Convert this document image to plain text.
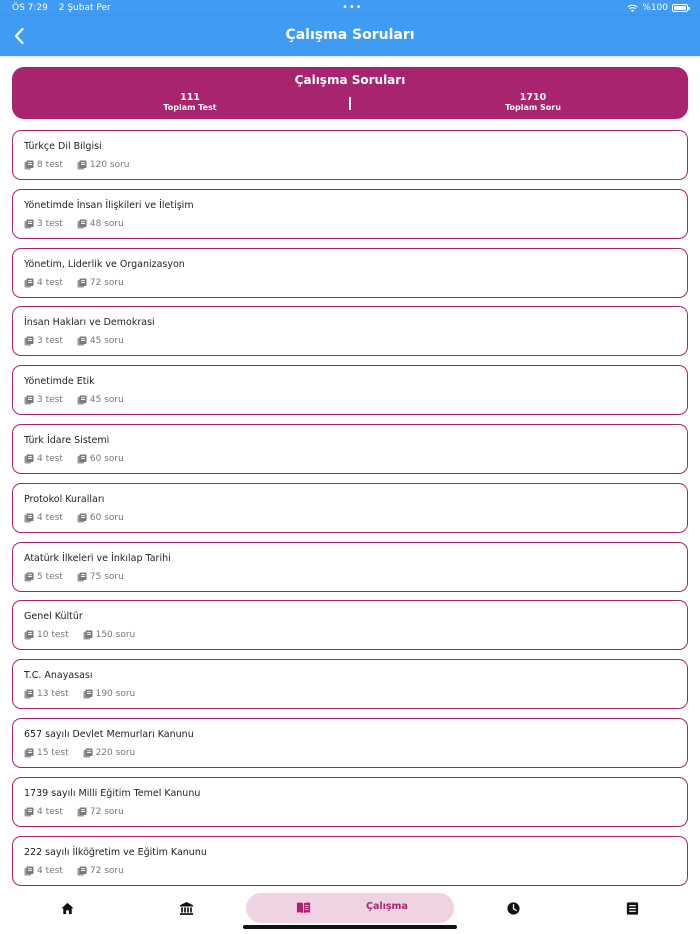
ÖS 7:29 2 Şubat Per	•••	%100
Çalışma Soruları
Çalışma Soruları
111
Toplam Test
1710
Toplam Soru
Türkçe Dil Bilgisi
8 test	120 soru
Yönetimde İnsan İlişkileri ve İletişim
3 test	48 soru
Yönetim, Liderlik ve Organizasyon
4 test	72 soru
İnsan Hakları ve Demokrasi
3 test	45 soru
Yönetimde Etik
3 test	45 soru
Türk İdare Sistemi
4 test	60 soru
Protokol Kuralları
4 test	60 soru
Atatürk İlkeleri ve İnkılap Tarihi
5 test	75 soru
Genel Kültür
10 test	150 soru
T.C. Anayasası
13 test	190 soru
657 sayılı Devlet Memurları Kanunu
15 test	220 soru
1739 sayılı Milli Eğitim Temel Kanunu
4 test	72 soru
222 sayılı İlköğretim ve Eğitim Kanunu
4 test	72 soru
Çalışma
